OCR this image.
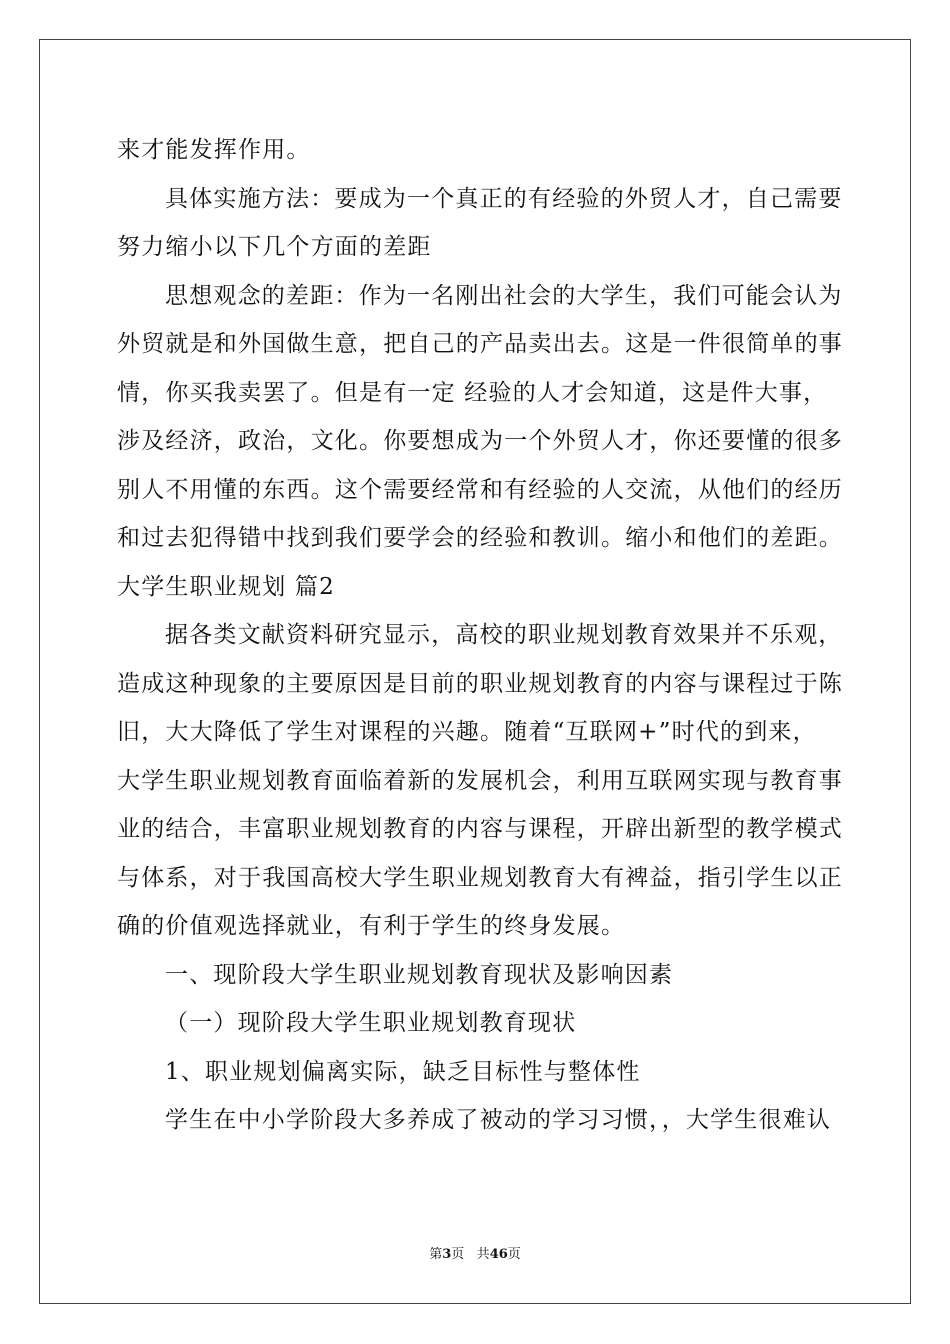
来才能发挥作用。
具体实施方法：要成为一个真正的有经验的外贸人才，自己需要
努力缩小以下几个方面的差距
思想观念的差距：作为一名刚出社会的大学生，我们可能会认为
外贸就是和外国做生意，把自己的产品卖出去。这是一件很简单的事
情，你买我卖罢了。但是有一定 经验的人才会知道，这是件大事，
涉及经济，政治，文化。你要想成为一个外贸人才，你还要懂的很多
别人不用懂的东西。这个需要经常和有经验的人交流，从他们的经历
和过去犯得错中找到我们要学会的经验和教训。缩小和他们的差距。
大学生职业规划 篇2
据各类文献资料研究显示，高校的职业规划教育效果并不乐观，
造成这种现象的主要原因是目前的职业规划教育的内容与课程过于陈
旧，大大降低了学生对课程的兴趣。随着“互联网+”时代的到来，
大学生职业规划教育面临着新的发展机会，利用互联网实现与教育事
业的结合，丰富职业规划教育的内容与课程，开辟出新型的教学模式
与体系，对于我国高校大学生职业规划教育大有裨益，指引学生以正
确的价值观选择就业，有利于学生的终身发展。
一、现阶段大学生职业规划教育现状及影响因素
（一）现阶段大学生职业规划教育现状
1、职业规划偏离实际，缺乏目标性与整体性
学生在中小学阶段大多养成了被动的学习习惯，，大学生很难认
第3页 共46页
